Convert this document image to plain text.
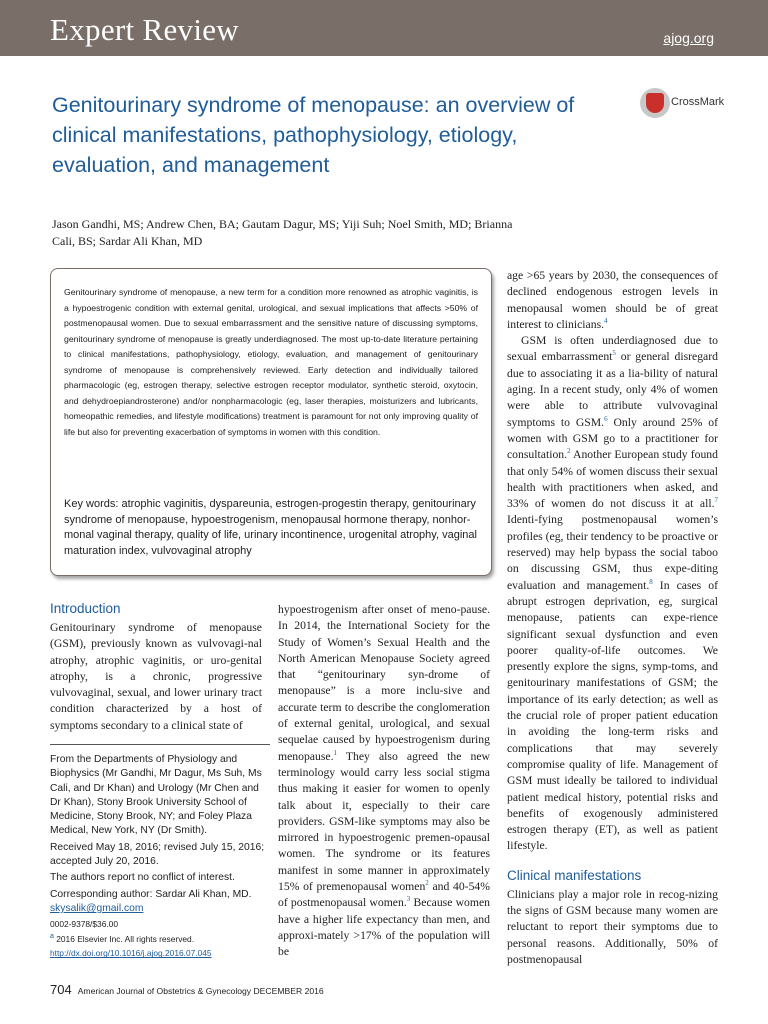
Expert Review	ajog.org
Genitourinary syndrome of menopause: an overview of clinical manifestations, pathophysiology, etiology, evaluation, and management
CrossMark
Jason Gandhi, MS; Andrew Chen, BA; Gautam Dagur, MS; Yiji Suh; Noel Smith, MD; Brianna Cali, BS; Sardar Ali Khan, MD

Genitourinary syndrome of menopause, a new term for a condition more renowned as atrophic vaginitis, is a hypoestrogenic condition with external genital, urological, and sexual implications that affects >50% of postmenopausal women. Due to sexual embarrassment and the sensitive nature of discussing symptoms, genitourinary syndrome of menopause is greatly underdiagnosed. The most up-to-date literature pertaining to clinical manifestations, pathophysiology, etiology, evaluation, and management of genitourinary syndrome of menopause is comprehensively reviewed. Early detection and individually tailored pharmacologic (eg, estrogen therapy, selective estrogen receptor modulator, synthetic steroid, oxytocin, and dehydroepiandrosterone) and/or nonpharmacologic (eg, laser therapies, moisturizers and lubricants, homeopathic remedies, and lifestyle modifications) treatment is paramount for not only improving quality of life but also for preventing exacerbation of symptoms in women with this condition.

Key words: atrophic vaginitis, dyspareunia, estrogen-progestin therapy, genitourinary syndrome of menopause, hypoestrogenism, menopausal hormone therapy, nonhor-monal vaginal therapy, quality of life, urinary incontinence, urogenital atrophy, vaginal maturation index, vulvovaginal atrophy

Introduction

Genitourinary syndrome of menopause (GSM), previously known as vulvovagi-nal atrophy, atrophic vaginitis, or uro-genital atrophy, is a chronic, progressive vulvovaginal, sexual, and lower urinary tract condition characterized by a host of symptoms secondary to a clinical state of

From the Departments of Physiology and Biophysics (Mr Gandhi, Mr Dagur, Ms Suh, Ms Cali, and Dr Khan) and Urology (Mr Chen and Dr Khan), Stony Brook University School of Medicine, Stony Brook, NY; and Foley Plaza Medical, New York, NY (Dr Smith).

Received May 18, 2016; revised July 15, 2016; accepted July 20, 2016.

The authors report no conflict of interest.

Corresponding author: Sardar Ali Khan, MD. skysalik@gmail.com

0002-9378/$36.00

$^a$ 2016 Elsevier Inc. All rights reserved.

http://dx.doi.org/10.1016/j.ajog.2016.07.045

hypoestrogenism after onset of meno-pause. In 2014, the International Society for the Study of Women’s Sexual Health and the North American Menopause Society agreed that “genitourinary syn-drome of menopause” is a more inclu-sive and accurate term to describe the conglomeration of external genital, urological, and sexual sequelae caused by hypoestrogenism during menopause.$^1$ They also agreed the new terminology would carry less social stigma thus making it easier for women to openly talk about it, especially to their care providers. GSM-like symptoms may also be mirrored in hypoestrogenic premen-opausal women. The syndrome or its features manifest in some manner in approximately 15% of premenopausal women$^2$ and 40-54% of postmenopausal women.$^3$ Because women have a higher life expectancy than men, and approxi-mately >17% of the population will be

age >65 years by 2030, the consequences of declined endogenous estrogen levels in menopausal women should be of great interest to clinicians.$^4$

GSM is often underdiagnosed due to sexual embarrassment$^5$ or general disregard due to associating it as a lia-bility of natural aging. In a recent study, only 4% of women were able to attribute vulvovaginal symptoms to GSM.$^6$ Only around 25% of women with GSM go to a practitioner for consultation.$^2$ Another European study found that only 54% of women discuss their sexual health with practitioners when asked, and 33% of women do not discuss it at all.$^7$ Identi-fying postmenopausal women’s profiles (eg, their tendency to be proactive or reserved) may help bypass the social taboo on discussing GSM, thus expe-diting evaluation and management.$^8$ In cases of abrupt estrogen deprivation, eg, surgical menopause, patients can expe-rience significant sexual dysfunction and even poorer quality-of-life outcomes. We presently explore the signs, symp-toms, and genitourinary manifestations of GSM; the importance of its early detection; as well as the crucial role of proper patient education in avoiding the long-term risks and complications that may severely compromise quality of life. Management of GSM must ideally be tailored to individual patient medical history, potential risks and benefits of exogenously administered estrogen therapy (ET), as well as patient lifestyle.

Clinical manifestations

Clinicians play a major role in recog-nizing the signs of GSM because many women are reluctant to report their symptoms due to personal reasons. Additionally, 50% of postmenopausal

704 American Journal of Obstetrics & Gynecology DECEMBER 2016
